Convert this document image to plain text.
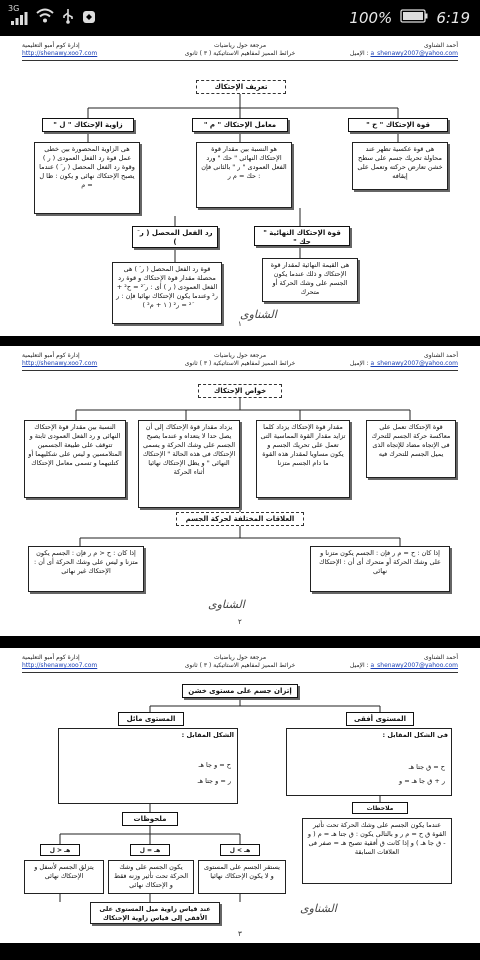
3G
100%	6:19
أحمد الشناوى
الإميل : a_shenawy2007@yahoo.com
مرجعة حول رياضيات
خرائط المميز لمفاهيم الاستاتيكية ( ٣ ) ثانوى
إدارة كوم أمبو التعليمية
http://shenawy.xoo7.com
تعريف الإحتكاك
قوة الإحتكاك " ح "
معامل الإحتكاك " م "
زاوية الإحتكاك " ل "
هى قوة عكسية تظهر عند محاولة تحريك جسم على سطح خشن تعارض حركته وتعمل على إيقافه
هو النسبة بين مقدار قوة الإحتكاك النهائى " حك " ورد الفعل العمودى " ر " بالثانى فإن : حك = م ر
هى الزاوية المحصورة بين خطى عمل قوة رد الفعل العمودى ( ر ) وقوة رد الفعل المحصل ( ر َ ) عندما يصبح الإحتكاك نهائى و يكون : ظا ل = م
قوة الإحتكاك النهائية " حك "
رد الفعل المحصل ( ر َ )
هى القيمة النهائية لمقدار قوة الإحتكاك و ذلك عندما يكون الجسم على وشك الحركة أو متحرك
قوة رد الفعل المحصل ( ر َ ) هى محصلة مقدار قوة الإحتكاك و قوة رد الفعل العمودى ( ر ) أى : ر َ² = ح² + ر² وعندما يكون الإحتكاك نهائيا فإن : ر َ² = ر² ( ١ + م² )
الشناوى
١
أحمد الشناوى
الإميل : a_shenawy2007@yahoo.com
مرجعة حول رياضيات
خرائط المميز لمفاهيم الاستاتيكية ( ٣ ) ثانوى
إدارة كوم أمبو التعليمية
http://shenawy.xoo7.com
خواص الإحتكاك
قوة الإحتكاك تعمل على معاكسة حركة الجسم للتحرك فى الإتجاه مضاد للإتجاه الذى يميل الجسم للتحرك فيه
مقدار قوة الإحتكاك يزداد كلما تزايد مقدار القوة المماسية التى تعمل على تحريك الجسم و يكون مساويا لمقدار هذه القوة ما دام الجسم متزنا
يزداد مقدار قوة الإحتكاك إلى أن يصل حدا لا يتعداه و عندما يصبح الجسم على وشك الحركة و يسمى الإحتكاك فى هذه الحالة " الإحتكاك النهائى " و يظل الإحتكاك نهائيا أثناء الحركة
النسبة بين مقدار قوة الإحتكاك النهائى و رد الفعل العمودى ثابتة و تتوقف على طبيعة الجسمين المتلامسين و ليس على شكليهما أو كتلتيهما و تسمى معامل الإحتكاك
العلاقات المختلفة لحركة الجسم
إذا كان : ح = م ر فإن : الجسم يكون متزنا و على وشك الحركة أو متحرك أى أن : الإحتكاك نهائى
إذا كان : ح < م ر فإن : الجسم يكون متزنا و ليس على وشك الحركة أى أن : الإحتكاك غير نهائى
الشناوى
٢
أحمد الشناوى
الإميل : a_shenawy2007@yahoo.com
مرجعة حول رياضيات
خرائط المميز لمفاهيم الاستاتيكية ( ٣ ) ثانوى
إدارة كوم أمبو التعليمية
http://shenawy.xoo7.com
إتزان جسم على مستوى خشن
المستوى أفقى
المستوى مائل
فى الشكل المقابل :
ح = ق جتا هـ
ر + ق جا هـ = و
الشكل المقابل :
ح = و جا هـ
ر = و جتا هـ
ملاحظات
عندما يكون الجسم على وشك الحركة تحت تأثير القوة ق ح = م ر و بالتالى يكون : ق جتا هـ = م ( و - ق جا هـ ) و إذا كانت ق أفقية تصبح هـ = صفر فى العلاقات السابقة
ملحوظات
هـ < ل	هـ = ل	هـ > ل
يتزلق الجسم لأسفل و الإحتكاك نهائى
يكون الجسم على وشك الحركة تحت تأثير وزنه فقط و الإحتكاك نهائى
يستقر الجسم على المستوى و لا يكون الإحتكاك نهائيا
عند قياس زاوية ميل المستوى على الأفقى إلى قياس زاوية الإحتكاك
الشناوى
٣
